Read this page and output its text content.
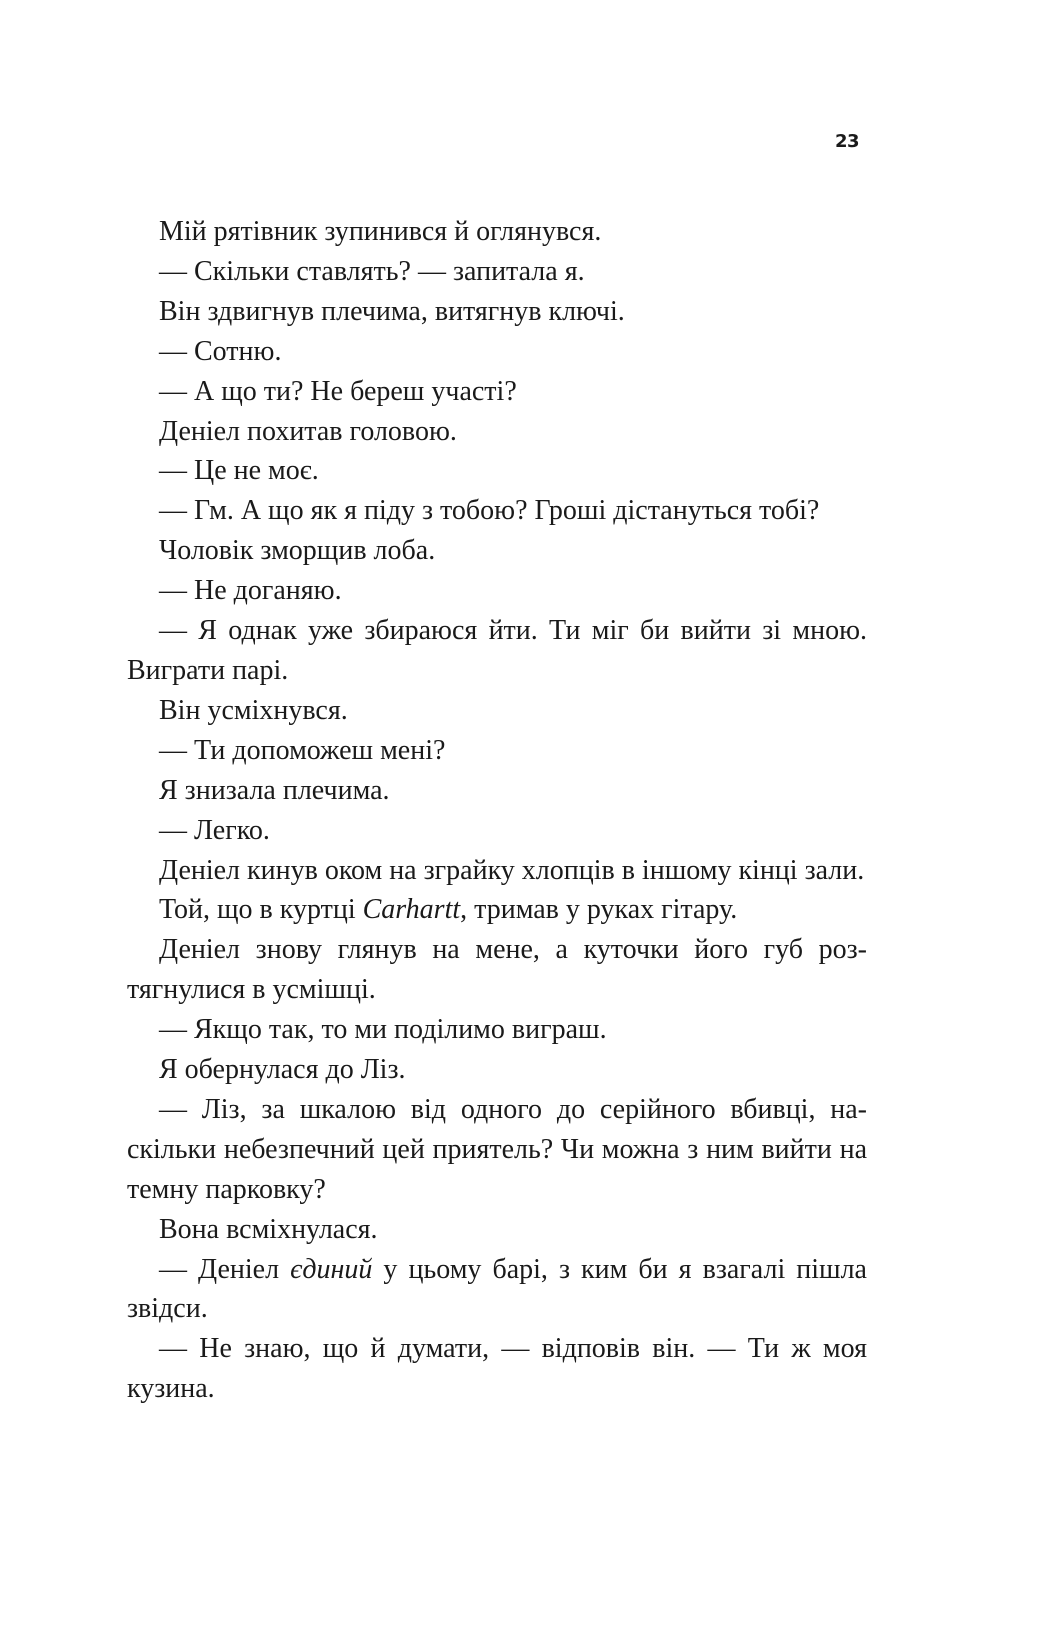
23

Мій рятівник зупинився й оглянувся.

— Скільки ставлять? — запитала я.

Він здвигнув плечима, витягнув ключі.

— Сотню.

— А що ти? Не береш участі?

Деніел похитав головою.

— Це не моє.

— Гм. А що як я піду з тобою? Гроші дістануться тобі?

Чоловік зморщив лоба.

— Не доганяю.

— Я однак уже збираюся йти. Ти міг би вийти зі мною. Виграти парі.

Він усміхнувся.

— Ти допоможеш мені?

Я знизала плечима.

— Легко.

Деніел кинув оком на зграйку хлопців в іншому кінці зали.

Той, що в куртці Carhartt, тримав у руках гітару.

Деніел знову глянув на мене, а куточки його губ розтягнулися в усмішці.

— Якщо так, то ми поділимо виграш.

Я обернулася до Ліз.

— Ліз, за шкалою від одного до серійного вбивці, наскільки небезпечний цей приятель? Чи можна з ним вийти на темну парковку?

Вона всміхнулася.

— Деніел єдиний у цьому барі, з ким би я взагалі пішла звідси.

— Не знаю, що й думати, — відповів він. — Ти ж моя кузина.
